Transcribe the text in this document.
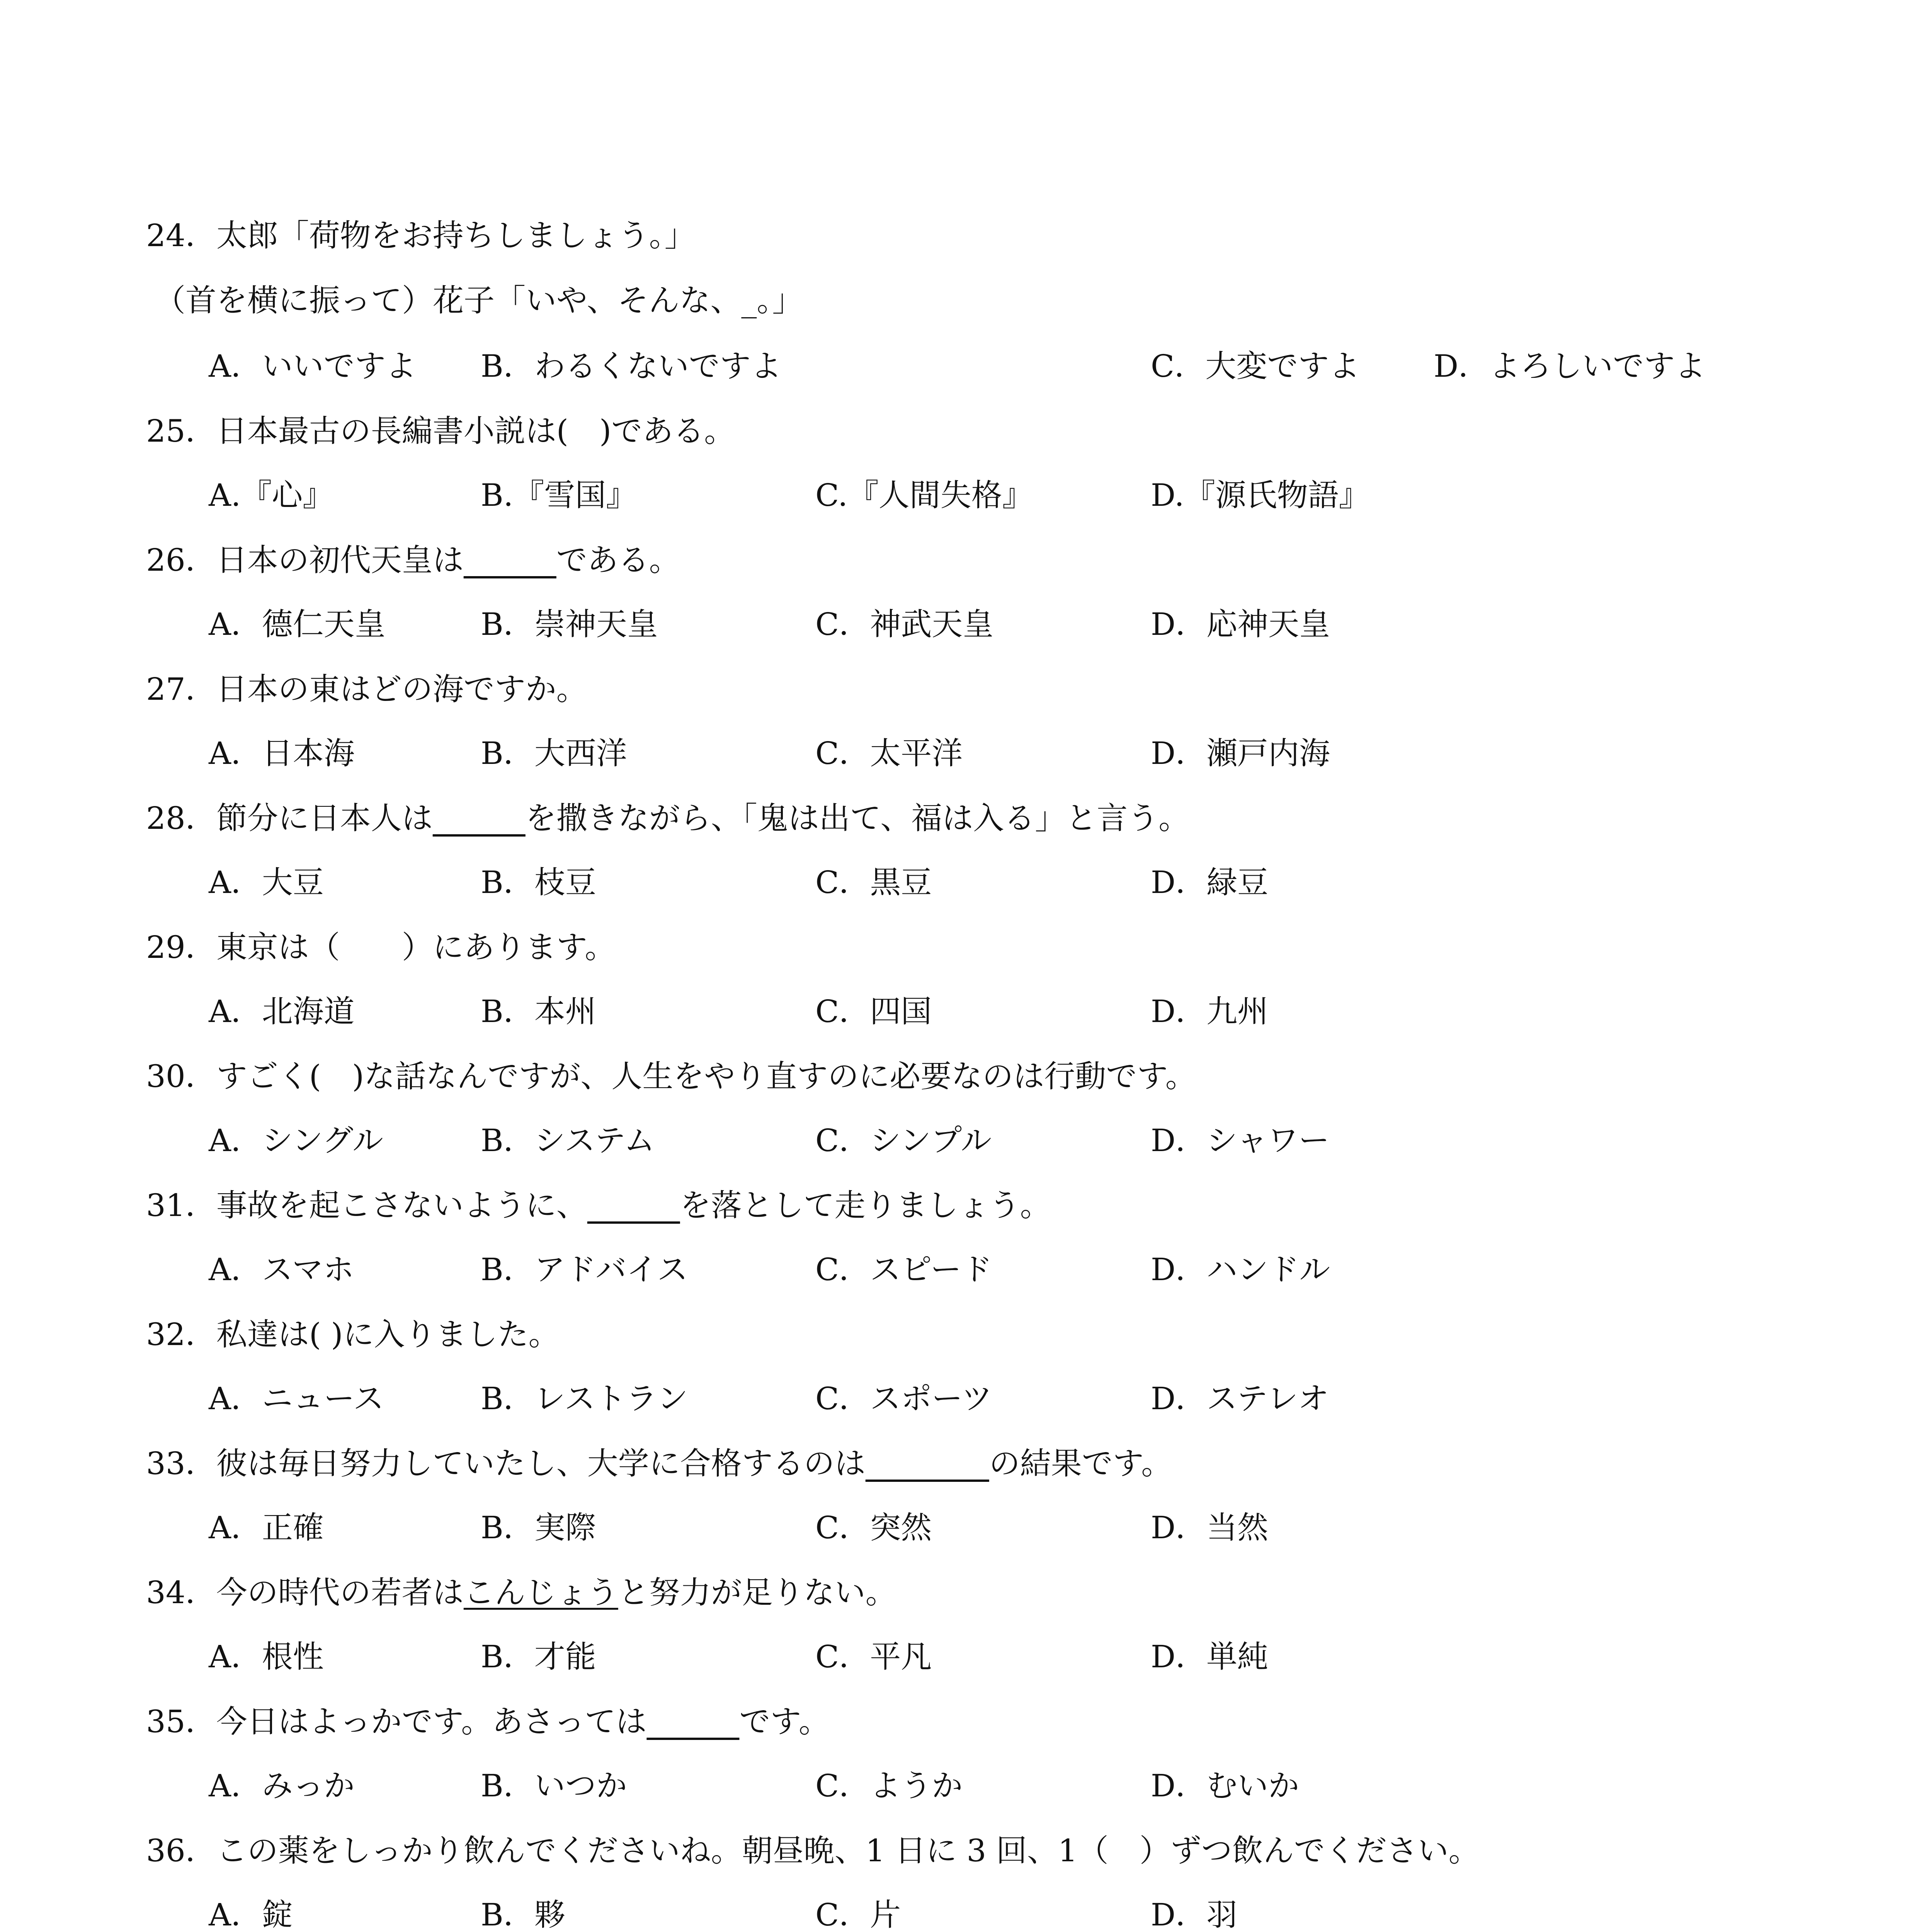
24．太郎「荷物をお持ちしましょう。」
（首を横に振って）花子「いや、そんな、_。」
A．いいですよ B．わるくないですよ	C．大変ですよ D．よろしいですよ
25．日本最古の長編書小説は(　)である。
A.『心』	B.『雪国』	C.『人間失格』	D.『源氏物語』
26．日本の初代天皇は______である。
A．德仁天皇	B．崇神天皇	C．神武天皇	D．応神天皇
27．日本の東はどの海ですか。
A．日本海	B．大西洋	C．太平洋	D．瀬戸内海
28．節分に日本人は______を撒きながら、「鬼は出て、福は入る」と言う。
A．大豆	B．枝豆	C．黒豆	D．緑豆
29．東京は（　　）にあります。
A．北海道	B．本州	C．四国	D．九州
30．すごく(　)な話なんですが、人生をやり直すのに必要なのは行動です。
A．シングル	B．システム	C．シンプル	D．シャワー
31．事故を起こさないように、______を落として走りましょう。
A．スマホ	B．アドバイス	C．スピード	D．ハンドル
32．私達は( )に入りました。
A．ニュース	B．レストラン	C．スポーツ	D．ステレオ
33．彼は毎日努力していたし、大学に合格するのは________の結果です。
A．正確	B．実際	C．突然	D．当然
34．今の時代の若者はこんじょうと努力が足りない。
A．根性	B．才能	C．平凡	D．単純
35．今日はよっかです。あさっては______です。
A．みっか	B．いつか	C．ようか	D．むいか
36．この薬をしっかり飲んでくださいね。朝昼晩、1 日に 3 回、1（　）ずつ飲んでください。
A．錠	B．夥	C．片	D．羽
